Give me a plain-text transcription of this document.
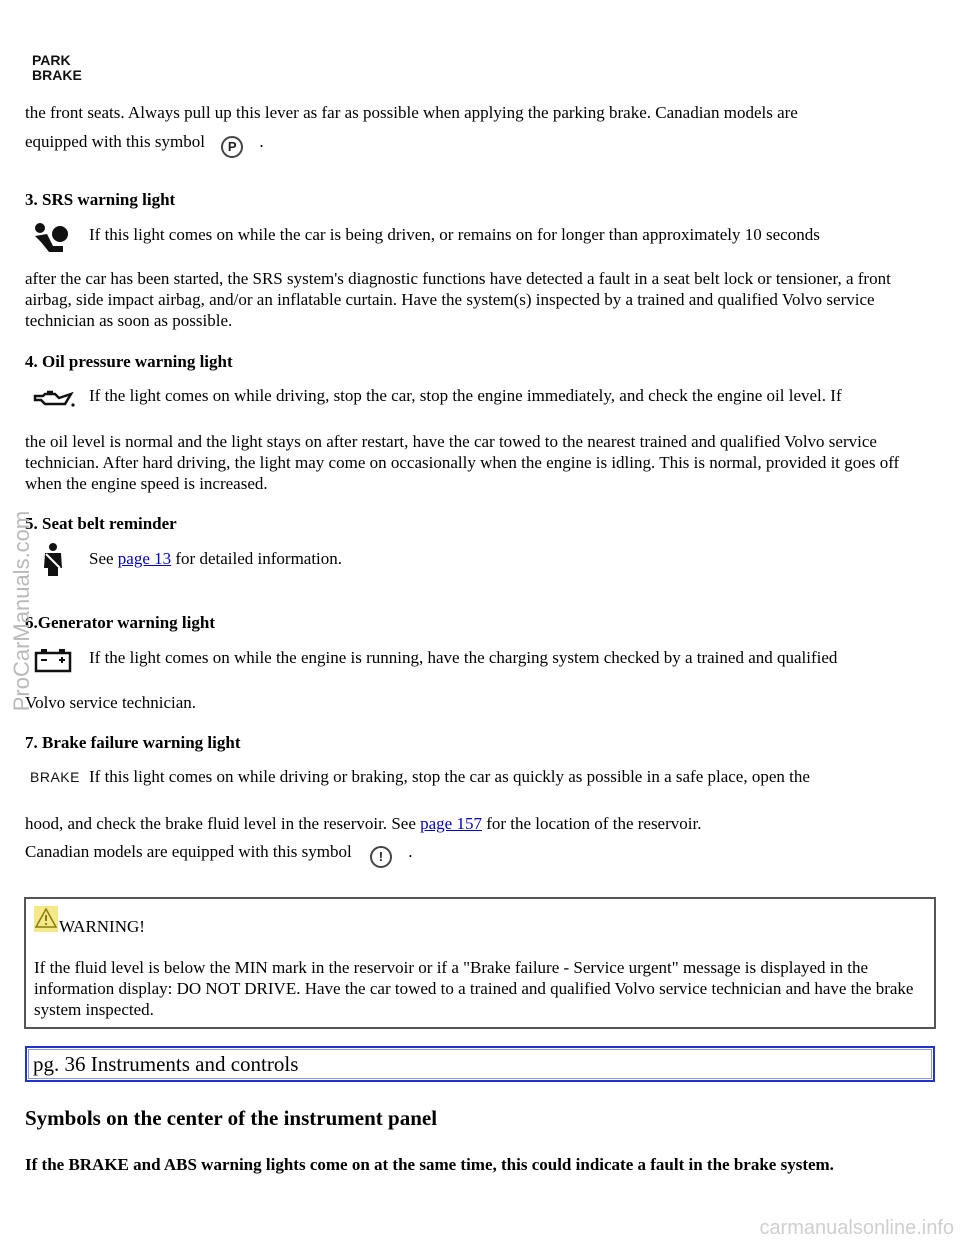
PARK
BRAKE

the front seats. Always pull up this lever as far as possible when applying the parking brake. Canadian models are

equipped with this symbol P .

3. SRS warning light

If this light comes on while the car is being driven, or remains on for longer than approximately 10 seconds

after the car has been started, the SRS system's diagnostic functions have detected a fault in a seat belt lock or tensioner, a front airbag, side impact airbag, and/or an inflatable curtain. Have the system(s) inspected by a trained and qualified Volvo service technician as soon as possible.

4. Oil pressure warning light

If the light comes on while driving, stop the car, stop the engine immediately, and check the engine oil level. If

the oil level is normal and the light stays on after restart, have the car towed to the nearest trained and qualified Volvo service technician. After hard driving, the light may come on occasionally when the engine is idling. This is normal, provided it goes off when the engine speed is increased.

5. Seat belt reminder

See page 13 for detailed information.

6.Generator warning light

If the light comes on while the engine is running, have the charging system checked by a trained and qualified

Volvo service technician.

7. Brake failure warning light

BRAKE If this light comes on while driving or braking, stop the car as quickly as possible in a safe place, open the

hood, and check the brake fluid level in the reservoir. See page 157 for the location of the reservoir.

Canadian models are equipped with this symbol ! .

WARNING!

If the fluid level is below the MIN mark in the reservoir or if a "Brake failure - Service urgent" message is displayed in the information display: DO NOT DRIVE. Have the car towed to a trained and qualified Volvo service technician and have the brake system inspected.

pg. 36 Instruments and controls

Symbols on the center of the instrument panel

If the BRAKE and ABS warning lights come on at the same time, this could indicate a fault in the brake system.

ProCarManuals.com
carmanualsonline.info
